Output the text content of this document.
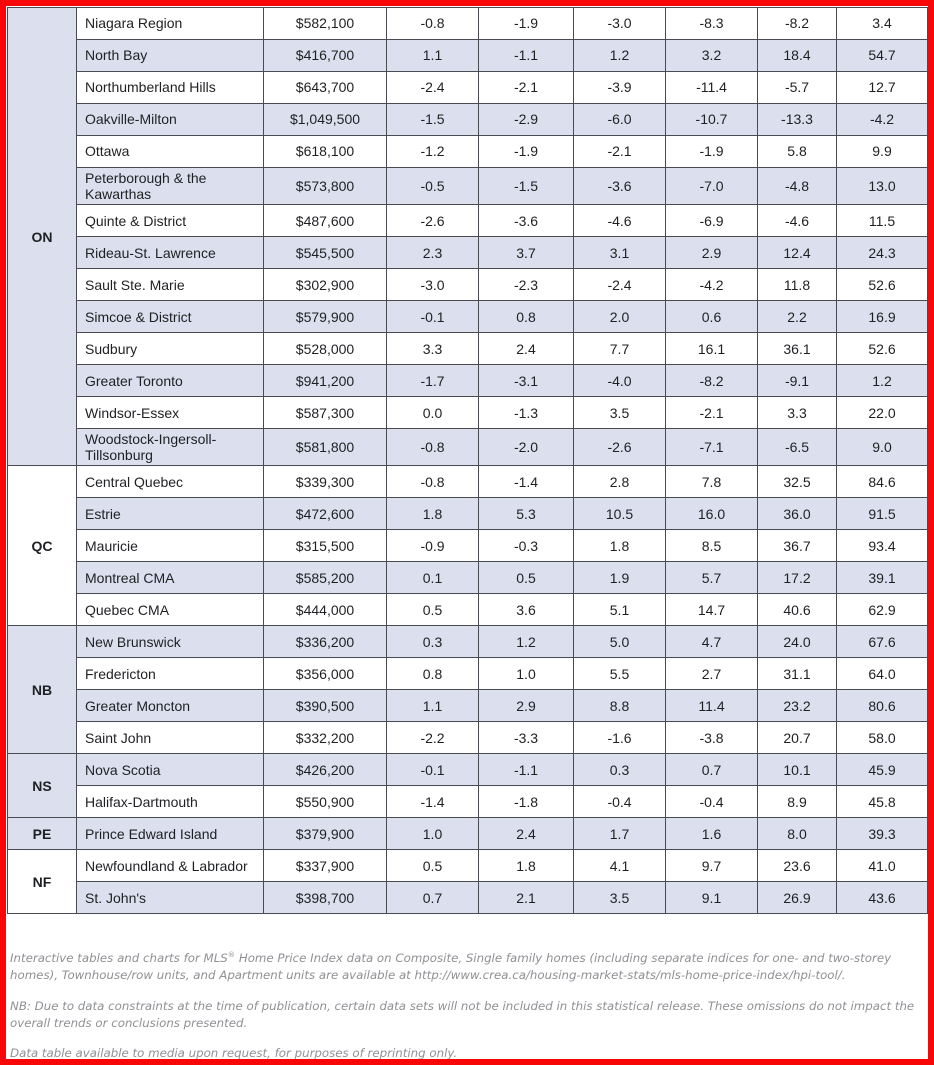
ON	Niagara Region	$582,100	-0.8	-1.9	-3.0	-8.3	-8.2	3.4
	North Bay	$416,700	1.1	-1.1	1.2	3.2	18.4	54.7
	Northumberland Hills	$643,700	-2.4	-2.1	-3.9	-11.4	-5.7	12.7
	Oakville-Milton	$1,049,500	-1.5	-2.9	-6.0	-10.7	-13.3	-4.2
	Ottawa	$618,100	-1.2	-1.9	-2.1	-1.9	5.8	9.9
	Peterborough & the Kawarthas	$573,800	-0.5	-1.5	-3.6	-7.0	-4.8	13.0
	Quinte & District	$487,600	-2.6	-3.6	-4.6	-6.9	-4.6	11.5
	Rideau-St. Lawrence	$545,500	2.3	3.7	3.1	2.9	12.4	24.3
	Sault Ste. Marie	$302,900	-3.0	-2.3	-2.4	-4.2	11.8	52.6
	Simcoe & District	$579,900	-0.1	0.8	2.0	0.6	2.2	16.9
	Sudbury	$528,000	3.3	2.4	7.7	16.1	36.1	52.6
	Greater Toronto	$941,200	-1.7	-3.1	-4.0	-8.2	-9.1	1.2
	Windsor-Essex	$587,300	0.0	-1.3	3.5	-2.1	3.3	22.0
	Woodstock-Ingersoll-Tillsonburg	$581,800	-0.8	-2.0	-2.6	-7.1	-6.5	9.0
QC	Central Quebec	$339,300	-0.8	-1.4	2.8	7.8	32.5	84.6
	Estrie	$472,600	1.8	5.3	10.5	16.0	36.0	91.5
	Mauricie	$315,500	-0.9	-0.3	1.8	8.5	36.7	93.4
	Montreal CMA	$585,200	0.1	0.5	1.9	5.7	17.2	39.1
	Quebec CMA	$444,000	0.5	3.6	5.1	14.7	40.6	62.9
NB	New Brunswick	$336,200	0.3	1.2	5.0	4.7	24.0	67.6
	Fredericton	$356,000	0.8	1.0	5.5	2.7	31.1	64.0
	Greater Moncton	$390,500	1.1	2.9	8.8	11.4	23.2	80.6
	Saint John	$332,200	-2.2	-3.3	-1.6	-3.8	20.7	58.0
NS	Nova Scotia	$426,200	-0.1	-1.1	0.3	0.7	10.1	45.9
	Halifax-Dartmouth	$550,900	-1.4	-1.8	-0.4	-0.4	8.9	45.8
PE	Prince Edward Island	$379,900	1.0	2.4	1.7	1.6	8.0	39.3
NF	Newfoundland & Labrador	$337,900	0.5	1.8	4.1	9.7	23.6	41.0
	St. John's	$398,700	0.7	2.1	3.5	9.1	26.9	43.6

Interactive tables and charts for MLS® Home Price Index data on Composite, Single family homes (including separate indices for one- and two-storey homes), Townhouse/row units, and Apartment units are available at http://www.crea.ca/housing-market-stats/mls-home-price-index/hpi-tool/.

NB: Due to data constraints at the time of publication, certain data sets will not be included in this statistical release. These omissions do not impact the overall trends or conclusions presented.

Data table available to media upon request, for purposes of reprinting only.
